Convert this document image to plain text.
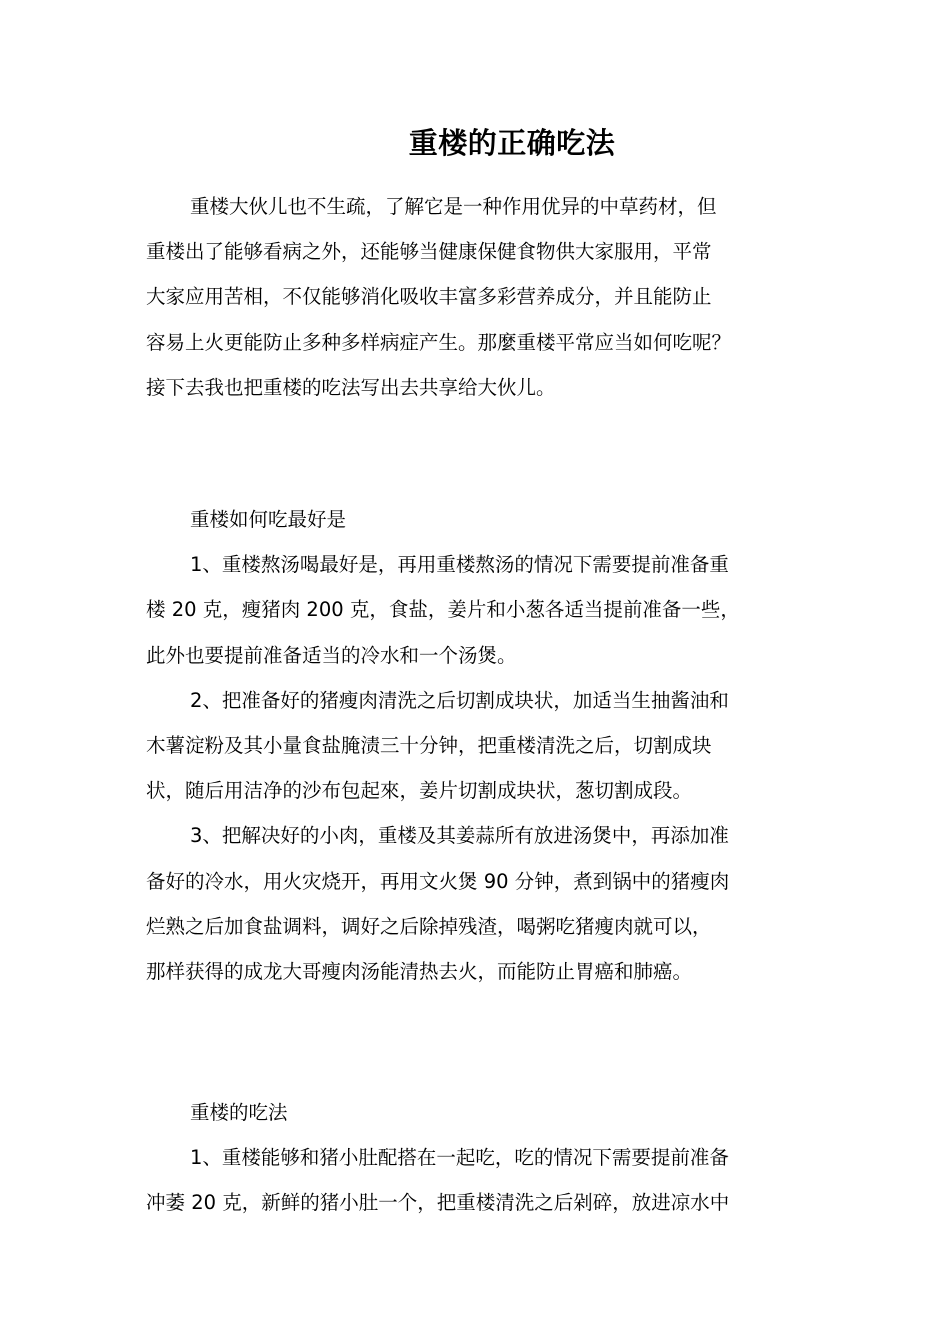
重楼的正确吃法

重楼大伙儿也不生疏，了解它是一种作用优异的中草药材，但
重楼出了能够看病之外，还能够当健康保健食物供大家服用，平常
大家应用苦相，不仅能够消化吸收丰富多彩营养成分，并且能防止
容易上火更能防止多种多样病症产生。那麼重楼平常应当如何吃呢？
接下去我也把重楼的吃法写出去共享给大伙儿。

重楼如何吃最好是

1、重楼熬汤喝最好是，再用重楼熬汤的情况下需要提前准备重
楼 20 克，瘦猪肉 200 克，食盐，姜片和小葱各适当提前准备一些，
此外也要提前准备适当的冷水和一个汤煲。

2、把准备好的猪瘦肉清洗之后切割成块状，加适当生抽酱油和
木薯淀粉及其小量食盐腌渍三十分钟，把重楼清洗之后，切割成块
状，随后用洁净的沙布包起來，姜片切割成块状，葱切割成段。

3、把解决好的小肉，重楼及其姜蒜所有放进汤煲中，再添加准
备好的冷水，用火灾烧开，再用文火煲 90 分钟，煮到锅中的猪瘦肉
烂熟之后加食盐调料，调好之后除掉残渣，喝粥吃猪瘦肉就可以，
那样获得的成龙大哥瘦肉汤能清热去火，而能防止胃癌和肺癌。

重楼的吃法

1、重楼能够和猪小肚配搭在一起吃，吃的情况下需要提前准备
冲萎 20 克，新鲜的猪小肚一个，把重楼清洗之后剁碎，放进凉水中
